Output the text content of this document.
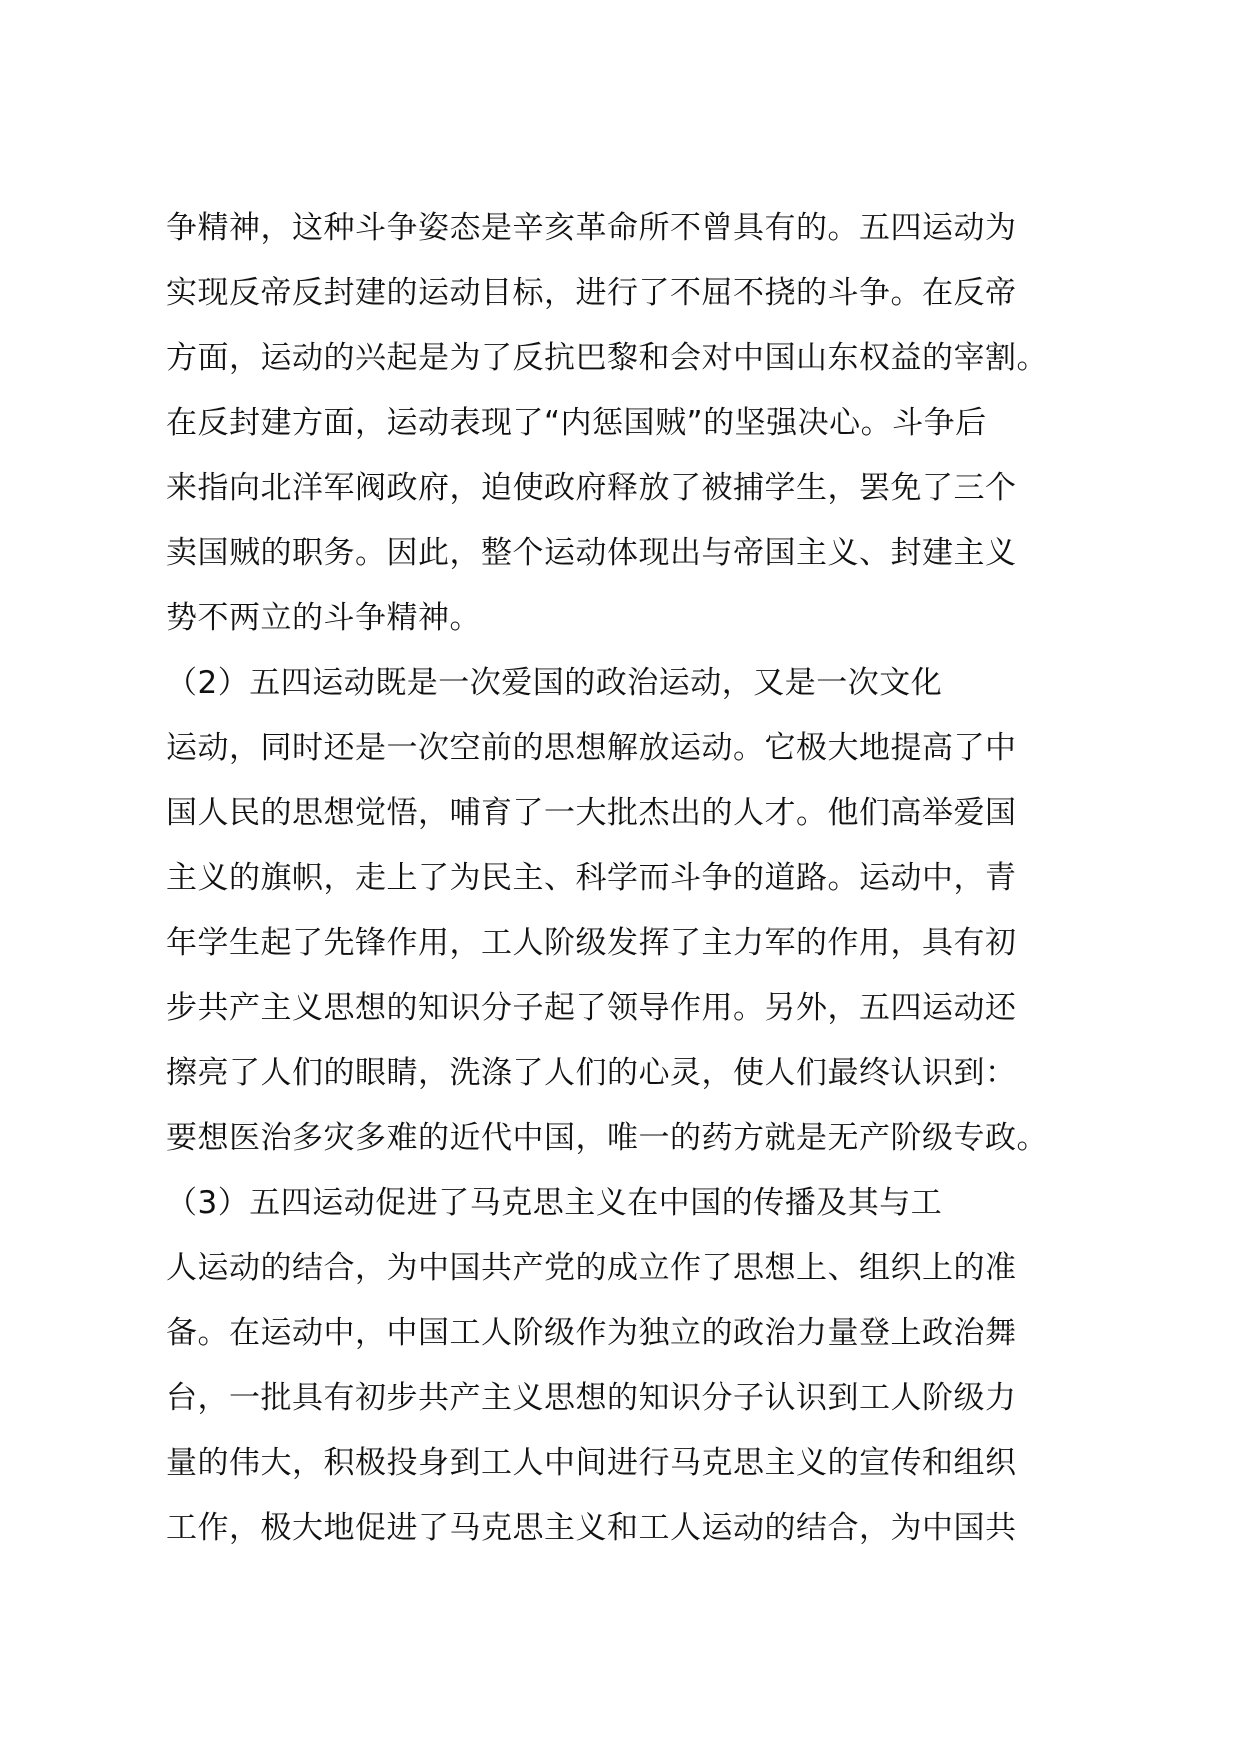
争精神，这种斗争姿态是辛亥革命所不曾具有的。五四运动为
实现反帝反封建的运动目标，进行了不屈不挠的斗争。在反帝
方面，运动的兴起是为了反抗巴黎和会对中国山东权益的宰割。
在反封建方面，运动表现了“内惩国贼”的坚强决心。斗争后
来指向北洋军阀政府，迫使政府释放了被捕学生，罢免了三个
卖国贼的职务。因此，整个运动体现出与帝国主义、封建主义
势不两立的斗争精神。
（2）五四运动既是一次爱国的政治运动，又是一次文化
运动，同时还是一次空前的思想解放运动。它极大地提高了中
国人民的思想觉悟，哺育了一大批杰出的人才。他们高举爱国
主义的旗帜，走上了为民主、科学而斗争的道路。运动中，青
年学生起了先锋作用，工人阶级发挥了主力军的作用，具有初
步共产主义思想的知识分子起了领导作用。另外，五四运动还
擦亮了人们的眼睛，洗涤了人们的心灵，使人们最终认识到：
要想医治多灾多难的近代中国，唯一的药方就是无产阶级专政。
（3）五四运动促进了马克思主义在中国的传播及其与工
人运动的结合，为中国共产党的成立作了思想上、组织上的准
备。在运动中，中国工人阶级作为独立的政治力量登上政治舞
台，一批具有初步共产主义思想的知识分子认识到工人阶级力
量的伟大，积极投身到工人中间进行马克思主义的宣传和组织
工作，极大地促进了马克思主义和工人运动的结合，为中国共
